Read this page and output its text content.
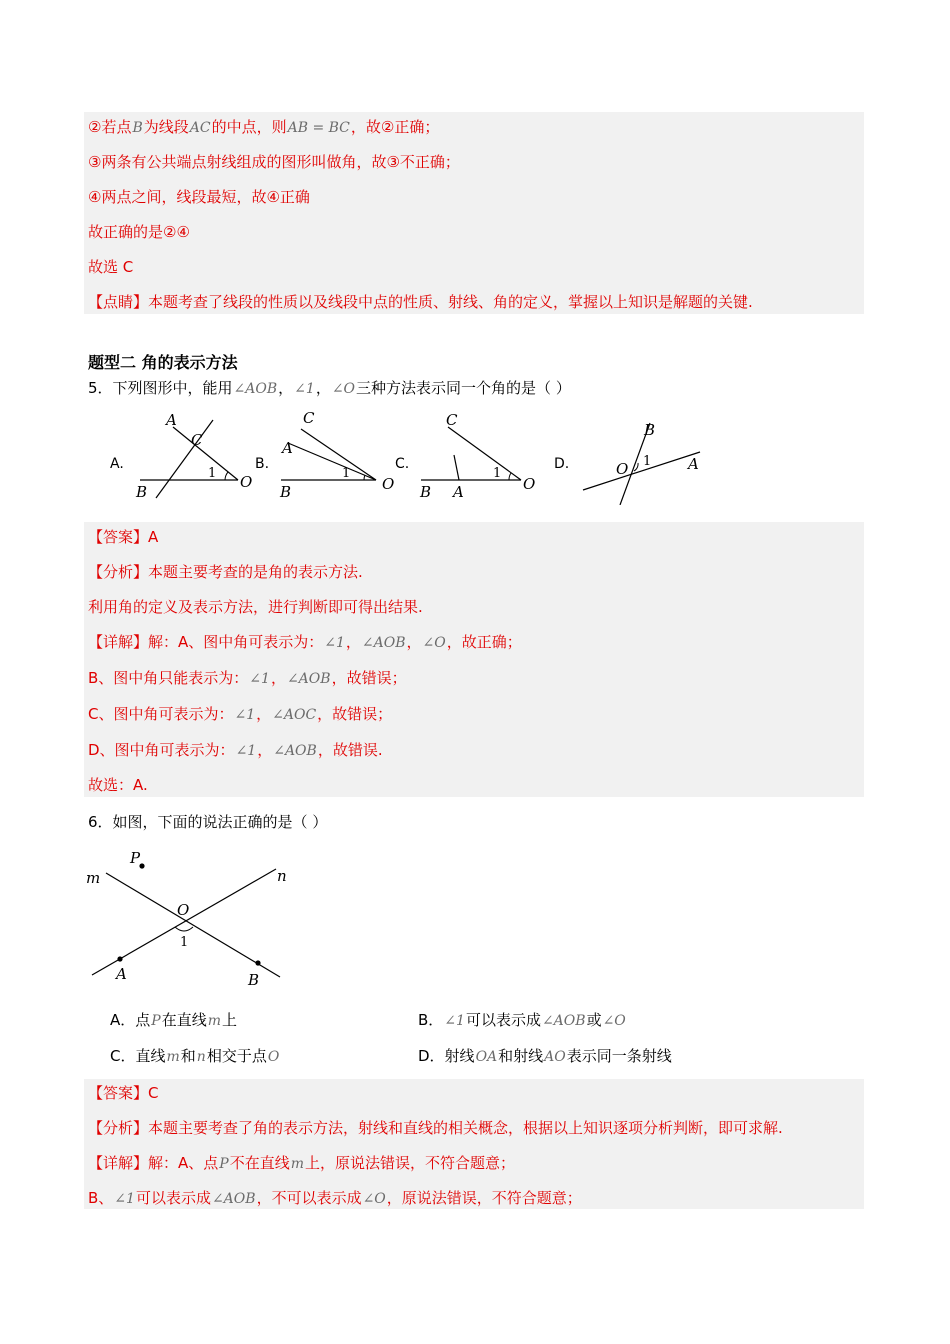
②若点B为线段AC的中点，则AB = BC，故②正确；
③两条有公共端点射线组成的图形叫做角，故③不正确；
④两点之间，线段最短，故④正确
故正确的是②④
故选 C
【点睛】本题考查了线段的性质以及线段中点的性质、射线、角的定义，掌握以上知识是解题的关键.
题型二 角的表示方法
5．下列图形中，能用∠AOB，∠1，∠O三种方法表示同一个角的是（ ）
A.	B.	C.	D.
A
C
1 O
B
C
A
1
O
B
C
1
O
B A
B
O 1 A
【答案】A
【分析】本题主要考查的是角的表示方法.
利用角的定义及表示方法，进行判断即可得出结果.
【详解】解：A、图中角可表示为：∠1，∠AOB，∠O，故正确；
B、图中角只能表示为：∠1，∠AOB，故错误；
C、图中角可表示为：∠1，∠AOC，故错误；
D、图中角可表示为：∠1，∠AOB，故错误.
故选：A.
6．如图，下面的说法正确的是（ ）
P
m	n
O
1
A	B
A．点P在直线m上	B．∠1可以表示成∠AOB或∠O
C．直线m和n相交于点O	D．射线OA和射线AO表示同一条射线
【答案】C
【分析】本题主要考查了角的表示方法，射线和直线的相关概念，根据以上知识逐项分析判断，即可求解.
【详解】解：A、点P不在直线m上，原说法错误，不符合题意；
B、∠1可以表示成∠AOB，不可以表示成∠O，原说法错误，不符合题意；
